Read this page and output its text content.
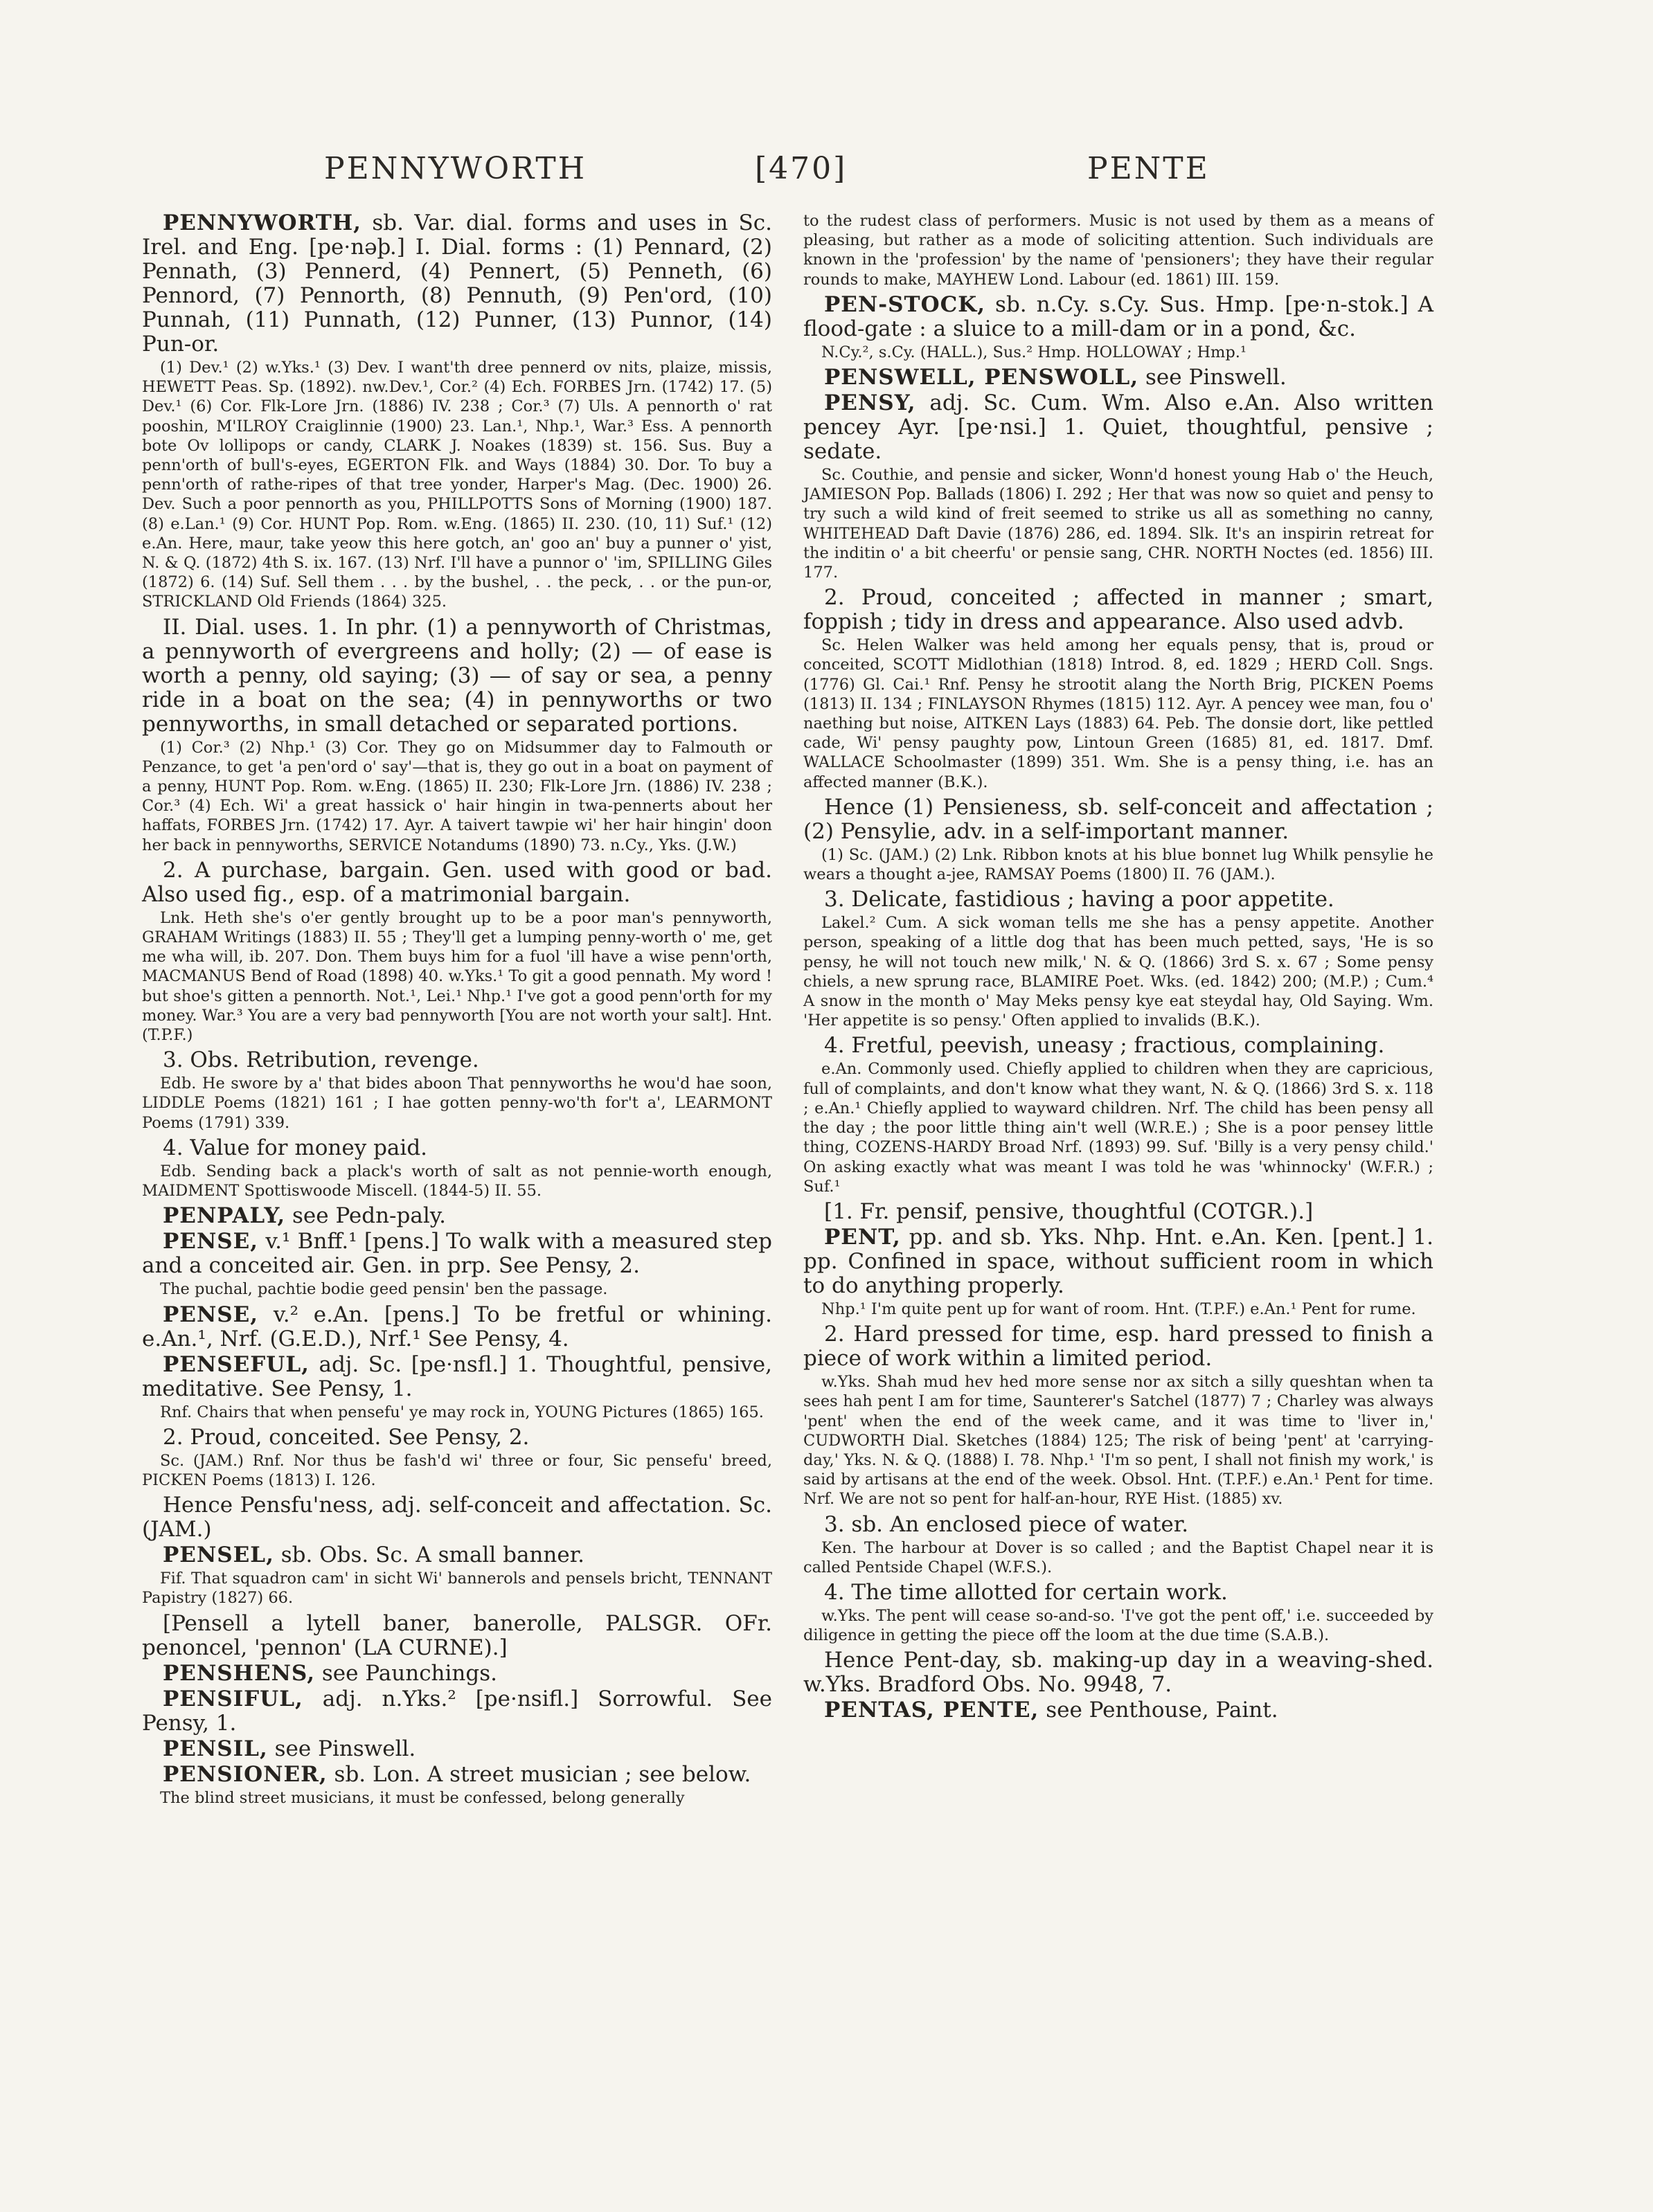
PENNYWORTH	[470]	PENTE

PENNYWORTH, sb. Var. dial. forms and uses in Sc. Irel. and Eng. [pe·nəþ.] I. Dial. forms : (1) Pennard, (2) Pennath, (3) Pennerd, (4) Pennert, (5) Penneth, (6) Pennord, (7) Pennorth, (8) Pennuth, (9) Pen'ord, (10) Punnah, (11) Punnath, (12) Punner, (13) Punnor, (14) Pun-or.

(1) Dev.¹ (2) w.Yks.¹ (3) Dev. I want'th dree pennerd ov nits, plaize, missis, HEWETT Peas. Sp. (1892). nw.Dev.¹, Cor.² (4) Ech. FORBES Jrn. (1742) 17. (5) Dev.¹ (6) Cor. Flk-Lore Jrn. (1886) IV. 238 ; Cor.³ (7) Uls. A pennorth o' rat pooshin, M'ILROY Craiglinnie (1900) 23. Lan.¹, Nhp.¹, War.³ Ess. A pennorth bote Ov lollipops or candy, CLARK J. Noakes (1839) st. 156. Sus. Buy a penn'orth of bull's-eyes, EGERTON Flk. and Ways (1884) 30. Dor. To buy a penn'orth of rathe-ripes of that tree yonder, Harper's Mag. (Dec. 1900) 26. Dev. Such a poor pennorth as you, PHILLPOTTS Sons of Morning (1900) 187. (8) e.Lan.¹ (9) Cor. HUNT Pop. Rom. w.Eng. (1865) II. 230. (10, 11) Suf.¹ (12) e.An. Here, maur, take yeow this here gotch, an' goo an' buy a punner o' yist, N. & Q. (1872) 4th S. ix. 167. (13) Nrf. I'll have a punnor o' 'im, SPILLING Giles (1872) 6. (14) Suf. Sell them . . . by the bushel, . . the peck, . . or the pun-or, STRICKLAND Old Friends (1864) 325.

II. Dial. uses. 1. In phr. (1) a pennyworth of Christmas, a pennyworth of evergreens and holly; (2) — of ease is worth a penny, old saying; (3) — of say or sea, a penny ride in a boat on the sea; (4) in pennyworths or two pennyworths, in small detached or separated portions.

(1) Cor.³ (2) Nhp.¹ (3) Cor. They go on Midsummer day to Falmouth or Penzance, to get 'a pen'ord o' say'—that is, they go out in a boat on payment of a penny, HUNT Pop. Rom. w.Eng. (1865) II. 230; Flk-Lore Jrn. (1886) IV. 238 ; Cor.³ (4) Ech. Wi' a great hassick o' hair hingin in twa-pennerts about her haffats, FORBES Jrn. (1742) 17. Ayr. A taivert tawpie wi' her hair hingin' doon her back in pennyworths, SERVICE Notandums (1890) 73. n.Cy., Yks. (J.W.)

2. A purchase, bargain. Gen. used with good or bad. Also used fig., esp. of a matrimonial bargain.

Lnk. Heth she's o'er gently brought up to be a poor man's pennyworth, GRAHAM Writings (1883) II. 55 ; They'll get a lumping penny-worth o' me, get me wha will, ib. 207. Don. Them buys him for a fuol 'ill have a wise penn'orth, MACMANUS Bend of Road (1898) 40. w.Yks.¹ To git a good pennath. My word ! but shoe's gitten a pennorth. Not.¹, Lei.¹ Nhp.¹ I've got a good penn'orth for my money. War.³ You are a very bad pennyworth [You are not worth your salt]. Hnt. (T.P.F.)

3. Obs. Retribution, revenge.

Edb. He swore by a' that bides aboon That pennyworths he wou'd hae soon, LIDDLE Poems (1821) 161 ; I hae gotten penny-wo'th for't a', LEARMONT Poems (1791) 339.

4. Value for money paid.

Edb. Sending back a plack's worth of salt as not pennie-worth enough, MAIDMENT Spottiswoode Miscell. (1844-5) II. 55.

PENPALY, see Pedn-paly.

PENSE, v.¹ Bnff.¹ [pens.] To walk with a measured step and a conceited air. Gen. in prp. See Pensy, 2.

The puchal, pachtie bodie geed pensin' ben the passage.

PENSE, v.² e.An. [pens.] To be fretful or whining. e.An.¹, Nrf. (G.E.D.), Nrf.¹ See Pensy, 4.

PENSEFUL, adj. Sc. [pe·nsfl.] 1. Thoughtful, pensive, meditative. See Pensy, 1.

Rnf. Chairs that when pensefu' ye may rock in, YOUNG Pictures (1865) 165.

2. Proud, conceited. See Pensy, 2.

Sc. (JAM.) Rnf. Nor thus be fash'd wi' three or four, Sic pensefu' breed, PICKEN Poems (1813) I. 126.

Hence Pensfu'ness, adj. self-conceit and affectation. Sc. (JAM.)

PENSEL, sb. Obs. Sc. A small banner.

Fif. That squadron cam' in sicht Wi' bannerols and pensels bricht, TENNANT Papistry (1827) 66.

[Pensell a lytell baner, banerolle, PALSGR. OFr. penoncel, 'pennon' (LA CURNE).]

PENSHENS, see Paunchings.

PENSIFUL, adj. n.Yks.² [pe·nsifl.] Sorrowful. See Pensy, 1.

PENSIL, see Pinswell.

PENSIONER, sb. Lon. A street musician ; see below.

The blind street musicians, it must be confessed, belong generally

to the rudest class of performers. Music is not used by them as a means of pleasing, but rather as a mode of soliciting attention. Such individuals are known in the 'profession' by the name of 'pensioners'; they have their regular rounds to make, MAYHEW Lond. Labour (ed. 1861) III. 159.

PEN-STOCK, sb. n.Cy. s.Cy. Sus. Hmp. [pe·n-stok.] A flood-gate : a sluice to a mill-dam or in a pond, &c.

N.Cy.², s.Cy. (HALL.), Sus.² Hmp. HOLLOWAY ; Hmp.¹

PENSWELL, PENSWOLL, see Pinswell.

PENSY, adj. Sc. Cum. Wm. Also e.An. Also written pencey Ayr. [pe·nsi.] 1. Quiet, thoughtful, pensive ; sedate.

Sc. Couthie, and pensie and sicker, Wonn'd honest young Hab o' the Heuch, JAMIESON Pop. Ballads (1806) I. 292 ; Her that was now so quiet and pensy to try such a wild kind of freit seemed to strike us all as something no canny, WHITEHEAD Daft Davie (1876) 286, ed. 1894. Slk. It's an inspirin retreat for the inditin o' a bit cheerfu' or pensie sang, CHR. NORTH Noctes (ed. 1856) III. 177.

2. Proud, conceited ; affected in manner ; smart, foppish ; tidy in dress and appearance. Also used advb.

Sc. Helen Walker was held among her equals pensy, that is, proud or conceited, SCOTT Midlothian (1818) Introd. 8, ed. 1829 ; HERD Coll. Sngs. (1776) Gl. Cai.¹ Rnf. Pensy he strootit alang the North Brig, PICKEN Poems (1813) II. 134 ; FINLAYSON Rhymes (1815) 112. Ayr. A pencey wee man, fou o' naething but noise, AITKEN Lays (1883) 64. Peb. The donsie dort, like pettled cade, Wi' pensy paughty pow, Lintoun Green (1685) 81, ed. 1817. Dmf. WALLACE Schoolmaster (1899) 351. Wm. She is a pensy thing, i.e. has an affected manner (B.K.).

Hence (1) Pensieness, sb. self-conceit and affectation ; (2) Pensylie, adv. in a self-important manner.

(1) Sc. (JAM.) (2) Lnk. Ribbon knots at his blue bonnet lug Whilk pensylie he wears a thought a-jee, RAMSAY Poems (1800) II. 76 (JAM.).

3. Delicate, fastidious ; having a poor appetite.

Lakel.² Cum. A sick woman tells me she has a pensy appetite. Another person, speaking of a little dog that has been much petted, says, 'He is so pensy, he will not touch new milk,' N. & Q. (1866) 3rd S. x. 67 ; Some pensy chiels, a new sprung race, BLAMIRE Poet. Wks. (ed. 1842) 200; (M.P.) ; Cum.⁴ A snow in the month o' May Meks pensy kye eat steydal hay, Old Saying. Wm. 'Her appetite is so pensy.' Often applied to invalids (B.K.).

4. Fretful, peevish, uneasy ; fractious, complaining.

e.An. Commonly used. Chiefly applied to children when they are capricious, full of complaints, and don't know what they want, N. & Q. (1866) 3rd S. x. 118 ; e.An.¹ Chiefly applied to wayward children. Nrf. The child has been pensy all the day ; the poor little thing ain't well (W.R.E.) ; She is a poor pensey little thing, COZENS-HARDY Broad Nrf. (1893) 99. Suf. 'Billy is a very pensy child.' On asking exactly what was meant I was told he was 'whinnocky' (W.F.R.) ; Suf.¹

[1. Fr. pensif, pensive, thoughtful (COTGR.).]

PENT, pp. and sb. Yks. Nhp. Hnt. e.An. Ken. [pent.] 1. pp. Confined in space, without sufficient room in which to do anything properly.

Nhp.¹ I'm quite pent up for want of room. Hnt. (T.P.F.) e.An.¹ Pent for rume.

2. Hard pressed for time, esp. hard pressed to finish a piece of work within a limited period.

w.Yks. Shah mud hev hed more sense nor ax sitch a silly queshtan when ta sees hah pent I am for time, Saunterer's Satchel (1877) 7 ; Charley was always 'pent' when the end of the week came, and it was time to 'liver in,' CUDWORTH Dial. Sketches (1884) 125; The risk of being 'pent' at 'carrying-day,' Yks. N. & Q. (1888) I. 78. Nhp.¹ 'I'm so pent, I shall not finish my work,' is said by artisans at the end of the week. Obsol. Hnt. (T.P.F.) e.An.¹ Pent for time. Nrf. We are not so pent for half-an-hour, RYE Hist. (1885) xv.

3. sb. An enclosed piece of water.

Ken. The harbour at Dover is so called ; and the Baptist Chapel near it is called Pentside Chapel (W.F.S.).

4. The time allotted for certain work.

w.Yks. The pent will cease so-and-so. 'I've got the pent off,' i.e. succeeded by diligence in getting the piece off the loom at the due time (S.A.B.).

Hence Pent-day, sb. making-up day in a weaving-shed. w.Yks. Bradford Obs. No. 9948, 7.

PENTAS, PENTE, see Penthouse, Paint.
